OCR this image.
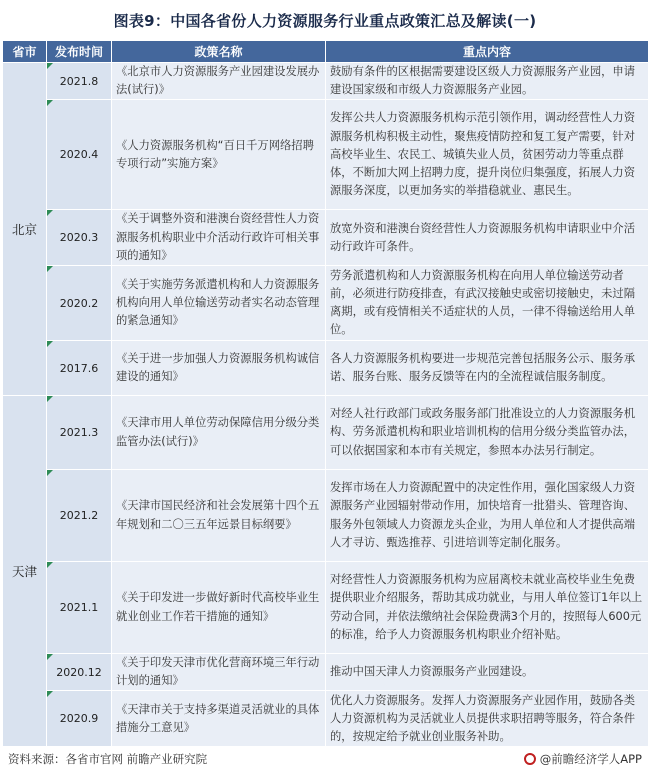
图表9：中国各省份人力资源服务行业重点政策汇总及解读(一)
省市	发布时间	政策名称	重点内容
北京	2021.8	《北京市人力资源服务产业园建设发展办法(试行)》	鼓励有条件的区根据需要建设区级人力资源服务产业园，申请建设国家级和市级人力资源服务产业园。

2020.4	《人力资源服务机构“百日千万网络招聘专项行动”实施方案》	发挥公共人力资源服务机构示范引领作用，调动经营性人力资源服务机构积极主动性，聚焦疫情防控和复工复产需要，针对高校毕业生、农民工、城镇失业人员，贫困劳动力等重点群体，不断加大网上招聘力度，提升岗位归集强度，拓展人力资源服务深度，以更加务实的举措稳就业、惠民生。

2020.3	《关于调整外资和港澳台资经营性人力资源服务机构职业中介活动行政许可相关事项的通知》	放宽外资和港澳台资经营性人力资源服务机构申请职业中介活动行政许可条件。

2020.2	《关于实施劳务派遣机构和人力资源服务机构向用人单位输送劳动者实名动态管理的紧急通知》	劳务派遣机构和人力资源服务机构在向用人单位输送劳动者前，必须进行防疫排查，有武汉接触史或密切接触史，未过隔离期，或有疫情相关不适症状的人员，一律不得输送给用人单位。

2017.6	《关于进一步加强人力资源服务机构诚信建设的通知》	各人力资源服务机构要进一步规范完善包括服务公示、服务承诺、服务台账、服务反馈等在内的全流程诚信服务制度。
天津	2021.3	《天津市用人单位劳动保障信用分级分类监管办法(试行)》	对经人社行政部门或政务服务部门批准设立的人力资源服务机构、劳务派遣机构和职业培训机构的信用分级分类监管办法，可以依据国家和本市有关规定，参照本办法另行制定。

2021.2	《天津市国民经济和社会发展第十四个五年规划和二〇三五年远景目标纲要》	发挥市场在人力资源配置中的决定性作用，强化国家级人力资源服务产业园辐射带动作用，加快培育一批猎头、管理咨询、服务外包领域人力资源龙头企业，为用人单位和人才提供高端人才寻访、甄选推荐、引进培训等定制化服务。

2021.1	《关于印发进一步做好新时代高校毕业生就业创业工作若干措施的通知》	对经营性人力资源服务机构为应届离校未就业高校毕业生免费提供职业介绍服务，帮助其成功就业，与用人单位签订1年以上劳动合同，并依法缴纳社会保险费满3个月的，按照每人600元的标准，给予人力资源服务机构职业介绍补贴。

2020.12	《关于印发天津市优化营商环境三年行动计划的通知》	推动中国天津人力资源服务产业园建设。

2020.9	《天津市关于支持多渠道灵活就业的具体措施分工意见》	优化人力资源服务。发挥人力资源服务产业园作用，鼓励各类人力资源机构为灵活就业人员提供求职招聘等服务，符合条件的，按规定给予就业创业服务补助。
资料来源：各省市官网 前瞻产业研究院	@前瞻经济学人APP
